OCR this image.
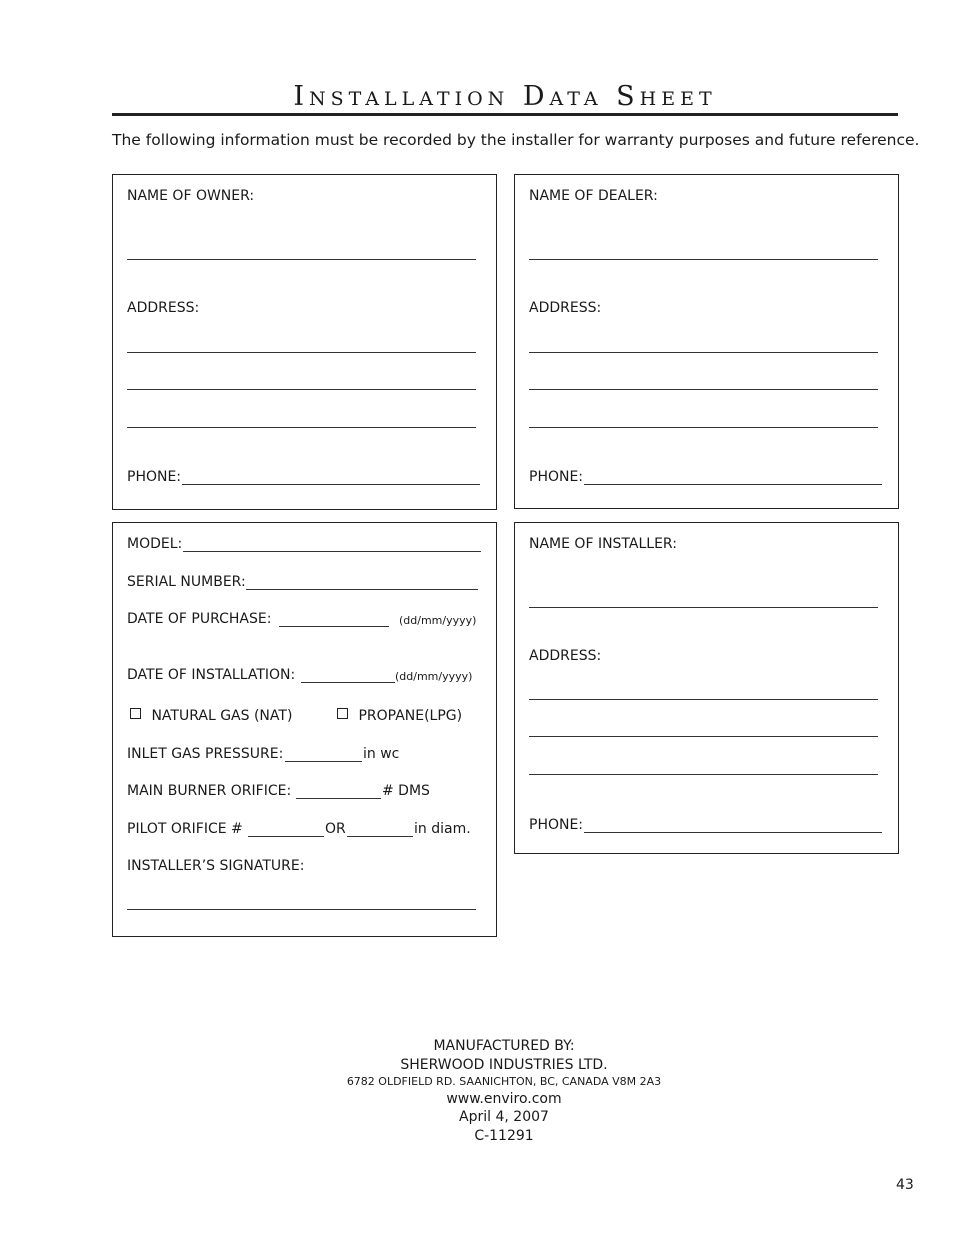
Installation Data Sheet
The following information must be recorded by the installer for warranty purposes and future reference.
NAME OF OWNER:
ADDRESS:
PHONE:
NAME OF DEALER:
ADDRESS:
PHONE:
MODEL:
SERIAL NUMBER:
DATE OF PURCHASE:	(dd/mm/yyyy)
DATE OF INSTALLATION:	(dd/mm/yyyy)
NATURAL GAS (NAT)	PROPANE(LPG)
INLET GAS PRESSURE:	in wc
MAIN BURNER ORIFICE:	# DMS
PILOT ORIFICE #	OR	in diam.
INSTALLER’S SIGNATURE:
NAME OF INSTALLER:
ADDRESS:
PHONE:
MANUFACTURED BY:
SHERWOOD INDUSTRIES LTD.
6782 OLDFIELD RD. SAANICHTON, BC, CANADA V8M 2A3
www.enviro.com
April 4, 2007
C-11291
43
